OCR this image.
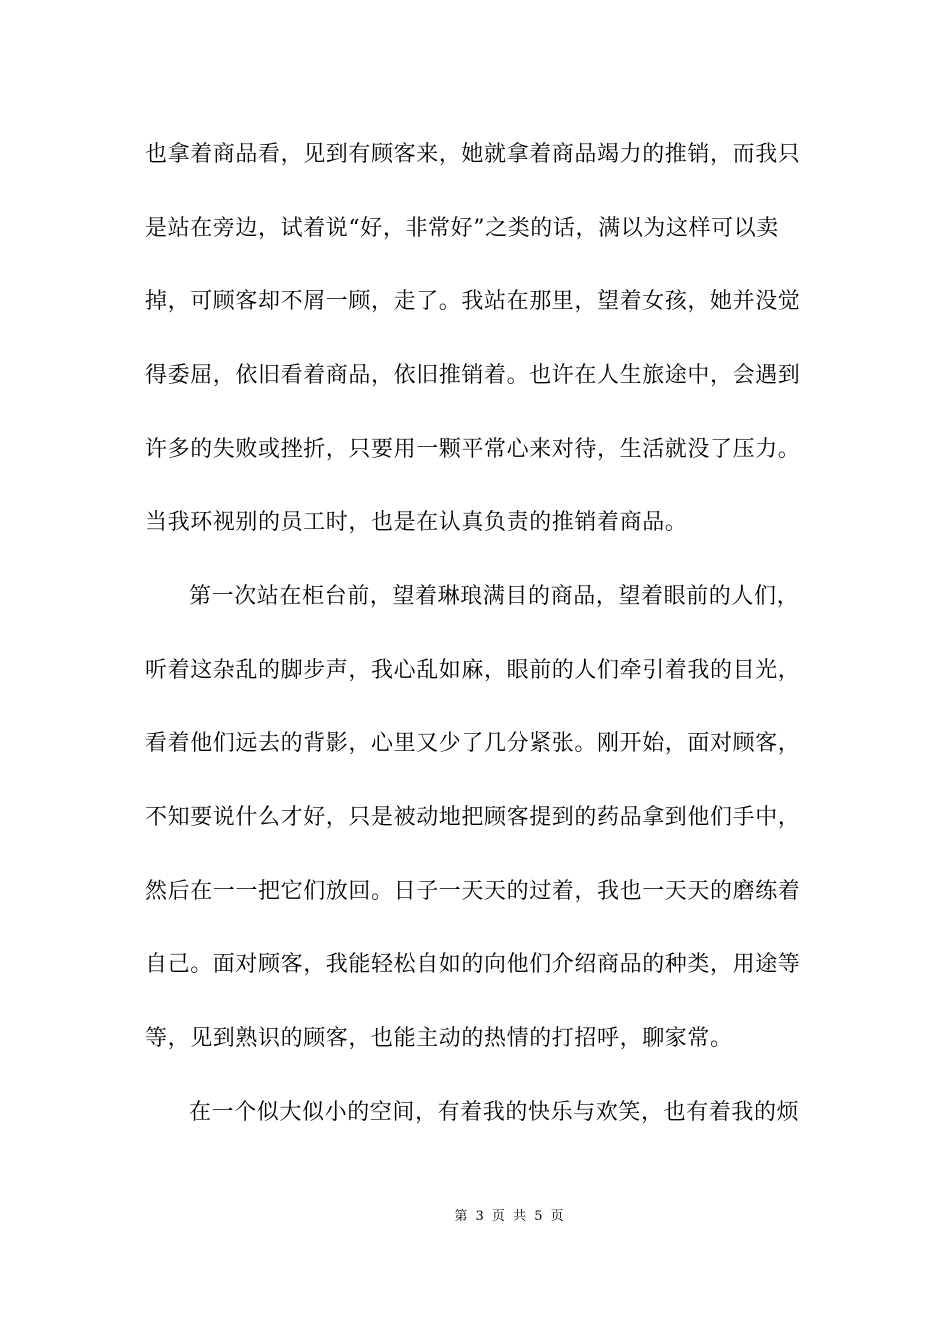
也拿着商品看，见到有顾客来，她就拿着商品竭力的推销，而我只
是站在旁边，试着说“好，非常好”之类的话，满以为这样可以卖
掉，可顾客却不屑一顾，走了。我站在那里，望着女孩，她并没觉
得委屈，依旧看着商品，依旧推销着。也许在人生旅途中，会遇到
许多的失败或挫折，只要用一颗平常心来对待，生活就没了压力。
当我环视别的员工时，也是在认真负责的推销着商品。
第一次站在柜台前，望着琳琅满目的商品，望着眼前的人们，
听着这杂乱的脚步声，我心乱如麻，眼前的人们牵引着我的目光，
看着他们远去的背影，心里又少了几分紧张。刚开始，面对顾客，
不知要说什么才好，只是被动地把顾客提到的药品拿到他们手中，
然后在一一把它们放回。日子一天天的过着，我也一天天的磨练着
自己。面对顾客，我能轻松自如的向他们介绍商品的种类，用途等
等，见到熟识的顾客，也能主动的热情的打招呼，聊家常。
在一个似大似小的空间，有着我的快乐与欢笑，也有着我的烦
第 3 页 共 5 页
